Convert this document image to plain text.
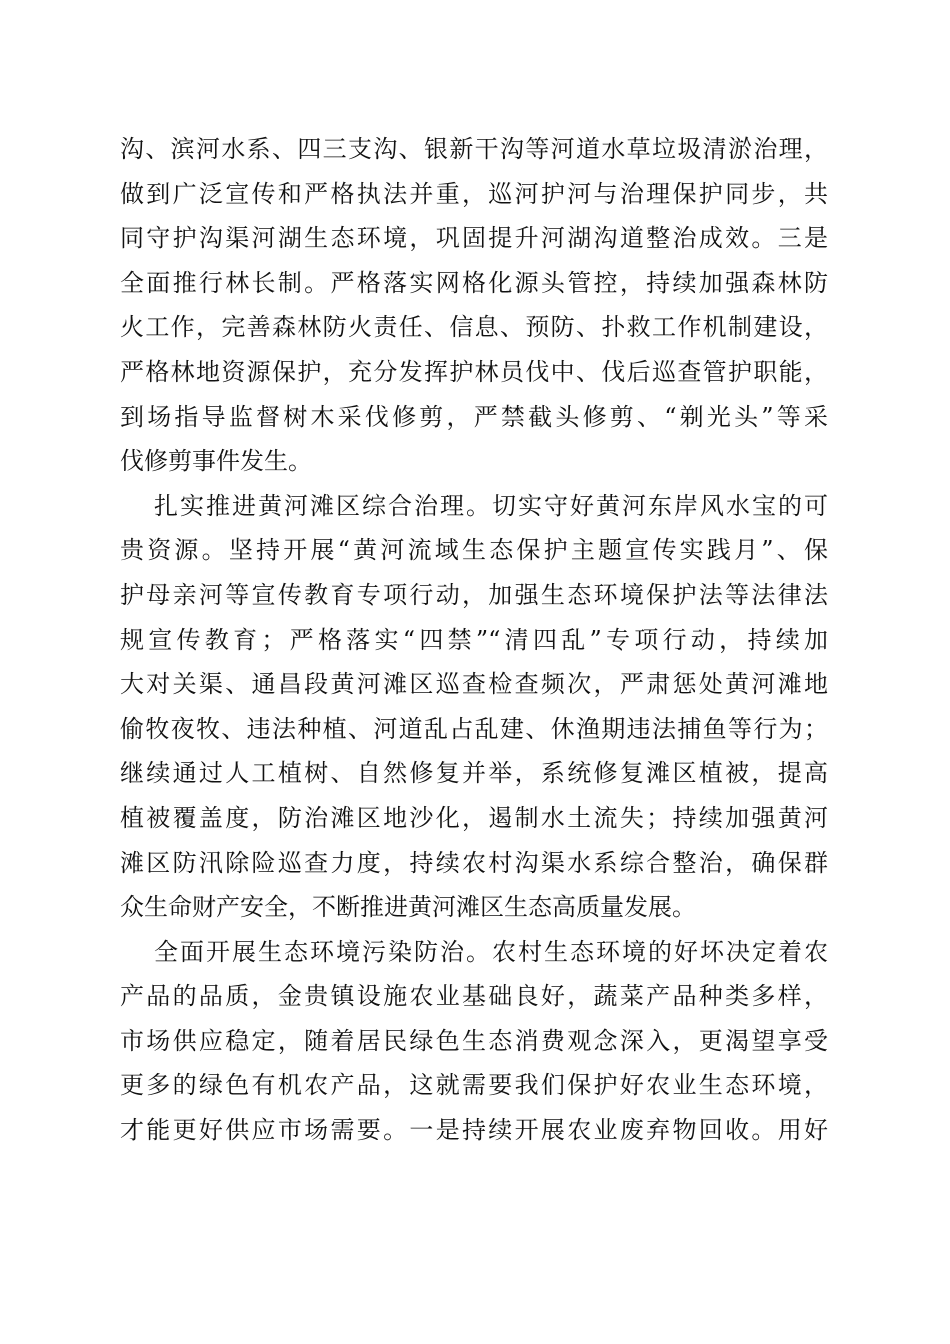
沟、滨河水系、四三支沟、银新干沟等河道水草垃圾清淤治理，
做到广泛宣传和严格执法并重，巡河护河与治理保护同步，共
同守护沟渠河湖生态环境，巩固提升河湖沟道整治成效。三是
全面推行林长制。严格落实网格化源头管控，持续加强森林防
火工作，完善森林防火责任、信息、预防、扑救工作机制建设，
严格林地资源保护，充分发挥护林员伐中、伐后巡查管护职能，
到场指导监督树木采伐修剪，严禁截头修剪、“剃光头”等采
伐修剪事件发生。
扎实推进黄河滩区综合治理。切实守好黄河东岸风水宝的可
贵资源。坚持开展“黄河流域生态保护主题宣传实践月”、保
护母亲河等宣传教育专项行动，加强生态环境保护法等法律法
规宣传教育；严格落实“四禁”“清四乱”专项行动，持续加
大对关渠、通昌段黄河滩区巡查检查频次，严肃惩处黄河滩地
偷牧夜牧、违法种植、河道乱占乱建、休渔期违法捕鱼等行为；
继续通过人工植树、自然修复并举，系统修复滩区植被，提高
植被覆盖度，防治滩区地沙化，遏制水土流失；持续加强黄河
滩区防汛除险巡查力度，持续农村沟渠水系综合整治，确保群
众生命财产安全，不断推进黄河滩区生态高质量发展。
全面开展生态环境污染防治。农村生态环境的好坏决定着农
产品的品质，金贵镇设施农业基础良好，蔬菜产品种类多样，
市场供应稳定，随着居民绿色生态消费观念深入，更渴望享受
更多的绿色有机农产品，这就需要我们保护好农业生态环境，
才能更好供应市场需要。一是持续开展农业废弃物回收。用好
